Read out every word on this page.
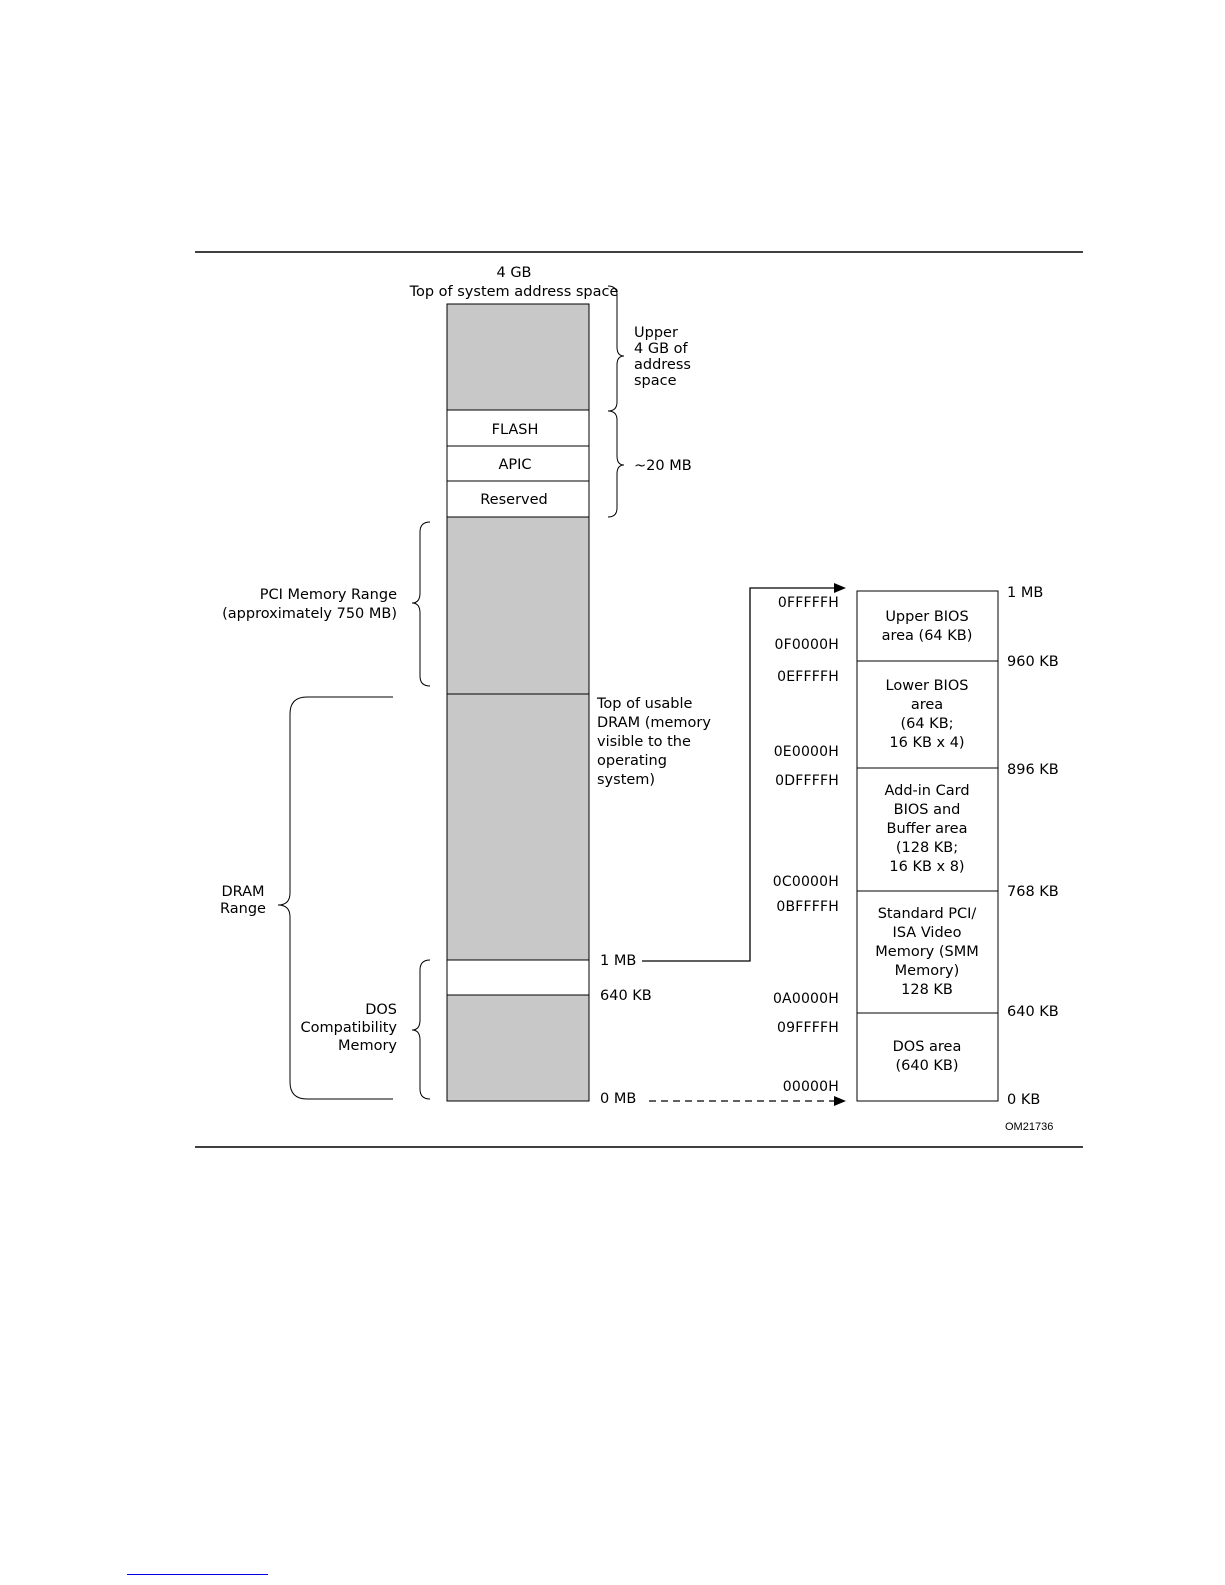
4 GB
Top of system address space
FLASH
APIC
Reserved
Upper
4 GB of
address
space
~20 MB
PCI Memory Range
(approximately 750 MB)
DRAM
Range
DOS
Compatibility
Memory
Top of usable
DRAM (memory
visible to the
operating
system)
1 MB
640 KB
0 MB
Upper BIOS
area (64 KB)
Lower BIOS
area
(64 KB;
16 KB x 4)
Add-in Card
BIOS and
Buffer area
(128 KB;
16 KB x 8)
Standard PCI/
ISA Video
Memory (SMM
Memory)
128 KB
DOS area
(640 KB)
0FFFFFH
0F0000H
0EFFFFH
0E0000H
0DFFFFH
0C0000H
0BFFFFH
0A0000H
09FFFFH
00000H
1 MB
960 KB
896 KB
768 KB
640 KB
0 KB
OM21736
